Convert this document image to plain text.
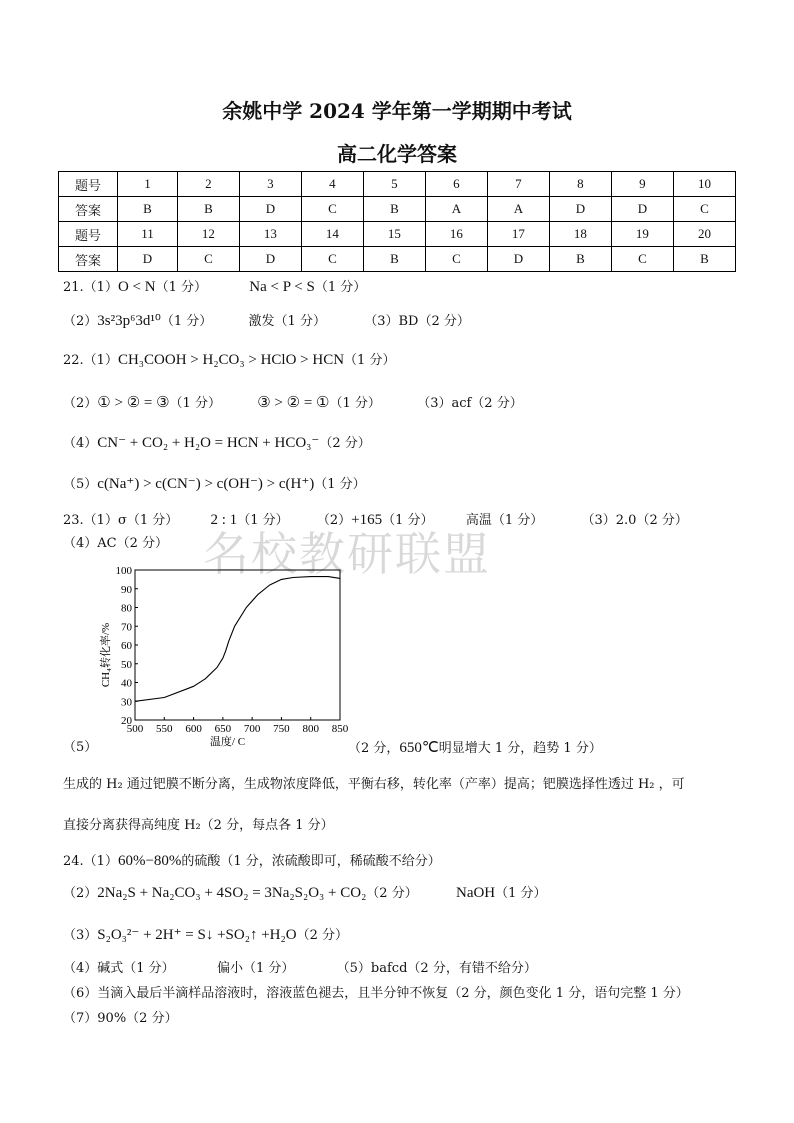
余姚中学 2024 学年第一学期期中考试
高二化学答案
题号	1	2	3	4	5	6	7	8	9	10
答案	B	B	D	C	B	A	A	D	D	C
题号	11	12	13	14	15	16	17	18	19	20
答案	D	C	D	C	B	C	D	B	C	B
21.（1）O < N（1 分）	Na < P < S（1 分）
（2）3s²3p⁶3d¹⁰（1 分）	激发（1 分）	（3）BD（2 分）
22.（1）CH₃COOH > H₂CO₃ > HClO > HCN（1 分）
（2）① > ② = ③（1 分） ③ > ② = ①（1 分）	（3）acf（2 分）
（4）CN⁻ + CO₂ + H₂O = HCN + HCO₃⁻（2 分）
（5）c(Na⁺) > c(CN⁻) > c(OH⁻) > c(H⁺)（1 分）
23.（1）σ（1 分） 2 : 1（1 分） （2）+165（1 分） 高温（1 分）	（3）2.0（2 分）
（4）AC（2 分） 名校教研联盟
（5）
500 550 600 650 700 750 800 850
20
30
40
50
60
70
80
90
100
温度/ C
CH₄转化率/%
（2 分，650℃明显增大 1 分，趋势 1 分）
生成的 H₂ 通过钯膜不断分离，生成物浓度降低，平衡右移，转化率（产率）提高；钯膜选择性透过 H₂ ，可
直接分离获得高纯度 H₂（2 分，每点各 1 分）
24.（1）60%−80%的硫酸（1 分，浓硫酸即可，稀硫酸不给分）
（2）2Na₂S + Na₂CO₃ + 4SO₂ = 3Na₂S₂O₃ + CO₂（2 分）	NaOH（1 分）
（3）S₂O₃²⁻ + 2H⁺ = S↓ +SO₂↑ +H₂O（2 分）
（4）碱式（1 分）	偏小（1 分）	（5）bafcd（2 分，有错不给分）
（6）当滴入最后半滴样品溶液时，溶液蓝色褪去，且半分钟不恢复（2 分，颜色变化 1 分，语句完整 1 分）
（7）90%（2 分）
